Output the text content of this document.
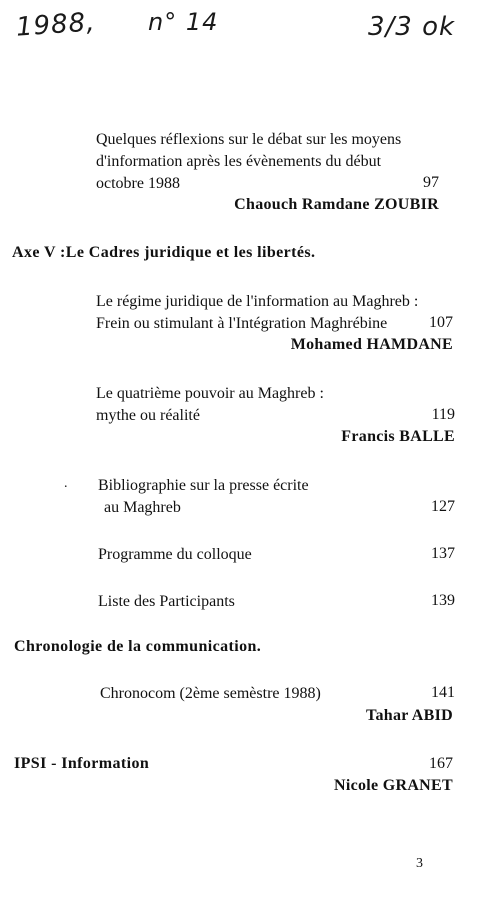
1988, n° 14	3/3 ok
Quelques réflexions sur le débat sur les moyens
d'information après les évènements du début
octobre 1988	97
Chaouch Ramdane ZOUBIR
Axe V :Le Cadres juridique et les libertés.
Le régime juridique de l'information au Maghreb :
Frein ou stimulant à l'Intégration Maghrébine	107
Mohamed HAMDANE
Le quatrième pouvoir au Maghreb :
mythe ou réalité	119
Francis BALLE
. Bibliographie sur la presse écrite
au Maghreb	127
Programme du colloque	137
Liste des Participants	139
Chronologie de la communication.
Chronocom (2ème semèstre 1988)	141
Tahar ABID
IPSI - Information	167
Nicole GRANET
3
